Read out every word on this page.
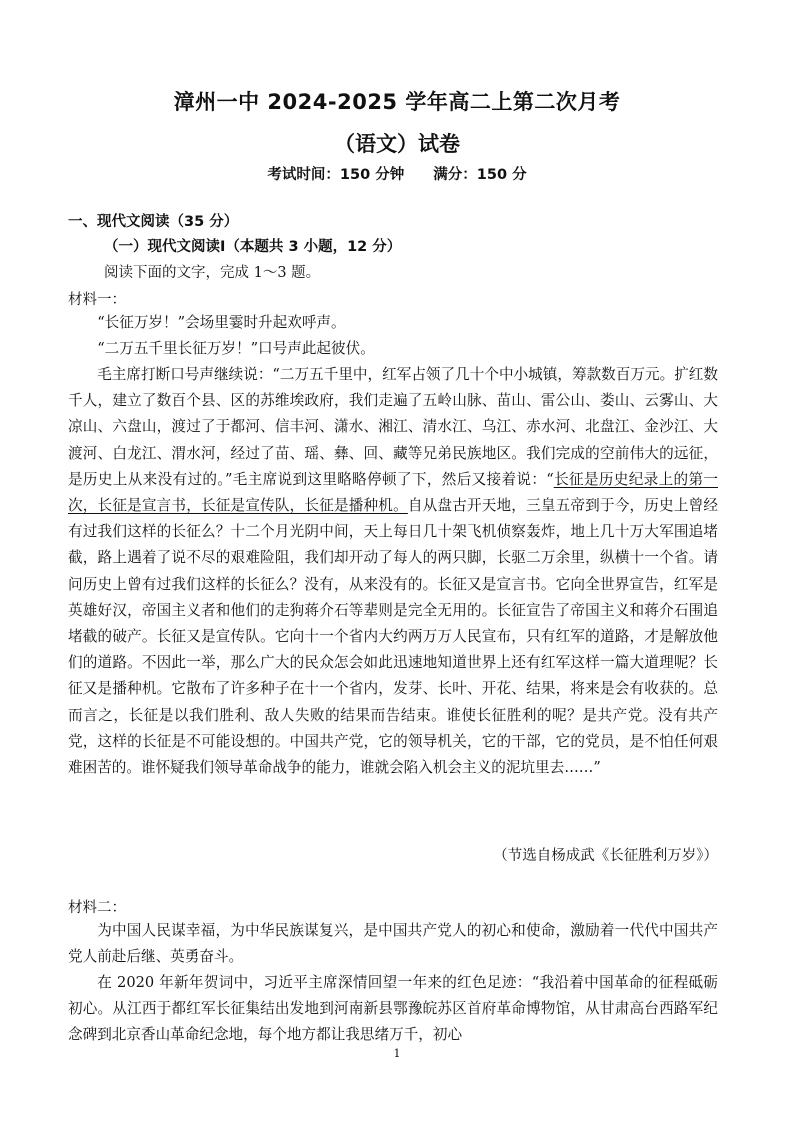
漳州一中 2024-2025 学年高二上第二次月考
（语文）试卷
考试时间：150 分钟 满分：150 分
一、现代文阅读（35 分）
（一）现代文阅读Ⅰ（本题共 3 小题，12 分）
阅读下面的文字，完成 1～3 题。
材料一：

“长征万岁！”会场里霎时升起欢呼声。

“二万五千里长征万岁！”口号声此起彼伏。

毛主席打断口号声继续说：“二万五千里中，红军占领了几十个中小城镇，筹款数百万元。扩红数千人，建立了数百个县、区的苏维埃政府，我们走遍了五岭山脉、苗山、雷公山、娄山、云雾山、大凉山、六盘山，渡过了于都河、信丰河、潇水、湘江、清水江、乌江、赤水河、北盘江、金沙江、大渡河、白龙江、渭水河，经过了苗、瑶、彝、回、藏等兄弟民族地区。我们完成的空前伟大的远征，是历史上从来没有过的。”毛主席说到这里略略停顿了下，然后又接着说：“长征是历史纪录上的第一次，长征是宣言书，长征是宣传队，长征是播种机。自从盘古开天地，三皇五帝到于今，历史上曾经有过我们这样的长征么？十二个月光阴中间，天上每日几十架飞机侦察轰炸，地上几十万大军围追堵截，路上遇着了说不尽的艰难险阻，我们却开动了每人的两只脚，长驱二万余里，纵横十一个省。请问历史上曾有过我们这样的长征么？没有，从来没有的。长征又是宣言书。它向全世界宣告，红军是英雄好汉，帝国主义者和他们的走狗蒋介石等辈则是完全无用的。长征宣告了帝国主义和蒋介石围追堵截的破产。长征又是宣传队。它向十一个省内大约两万万人民宣布，只有红军的道路，才是解放他们的道路。不因此一举，那么广大的民众怎会如此迅速地知道世界上还有红军这样一篇大道理呢？长征又是播种机。它散布了许多种子在十一个省内，发芽、长叶、开花、结果，将来是会有收获的。总而言之，长征是以我们胜利、敌人失败的结果而告结束。谁使长征胜利的呢？是共产党。没有共产党，这样的长征是不可能设想的。中国共产党，它的领导机关，它的干部，它的党员，是不怕任何艰难困苦的。谁怀疑我们领导革命战争的能力，谁就会陷入机会主义的泥坑里去……”

（节选自杨成武《长征胜利万岁》）
材料二：

为中国人民谋幸福，为中华民族谋复兴，是中国共产党人的初心和使命，激励着一代代中国共产党人前赴后继、英勇奋斗。

在 2020 年新年贺词中，习近平主席深情回望一年来的红色足迹：“我沿着中国革命的征程砥砺初心。从江西于都红军长征集结出发地到河南新县鄂豫皖苏区首府革命博物馆，从甘肃高台西路军纪念碑到北京香山革命纪念地，每个地方都让我思绪万千，初心

1
